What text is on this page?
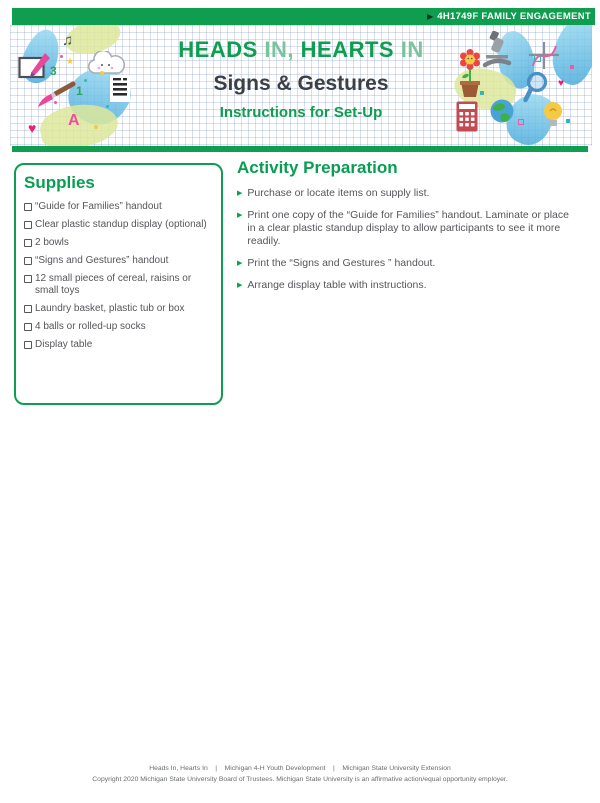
▶ 4H1749F FAMILY ENGAGEMENT
♫
★
3
1
♥ A
♥
HEADS IN, HEARTS IN
Signs & Gestures
Instructions for Set-Up
Supplies
“Guide for Families” handout
Clear plastic standup display (optional)
2 bowls
“Signs and Gestures” handout
12 small pieces of cereal, raisins or small toys
Laundry basket, plastic tub or box
4 balls or rolled-up socks
Display table
Activity Preparation
▶ Purchase or locate items on supply list.
▶ Print one copy of the “Guide for Families” handout. Laminate or place in a clear plastic standup display to allow participants to see it more readily.
▶ Print the “Signs and Gestures ” handout.
▶ Arrange display table with instructions.
Heads In, Hearts In    |    Michigan 4-H Youth Development    |    Michigan State University Extension
Copyright 2020 Michigan State University Board of Trustees. Michigan State University is an affirmative action/equal opportunity employer.
